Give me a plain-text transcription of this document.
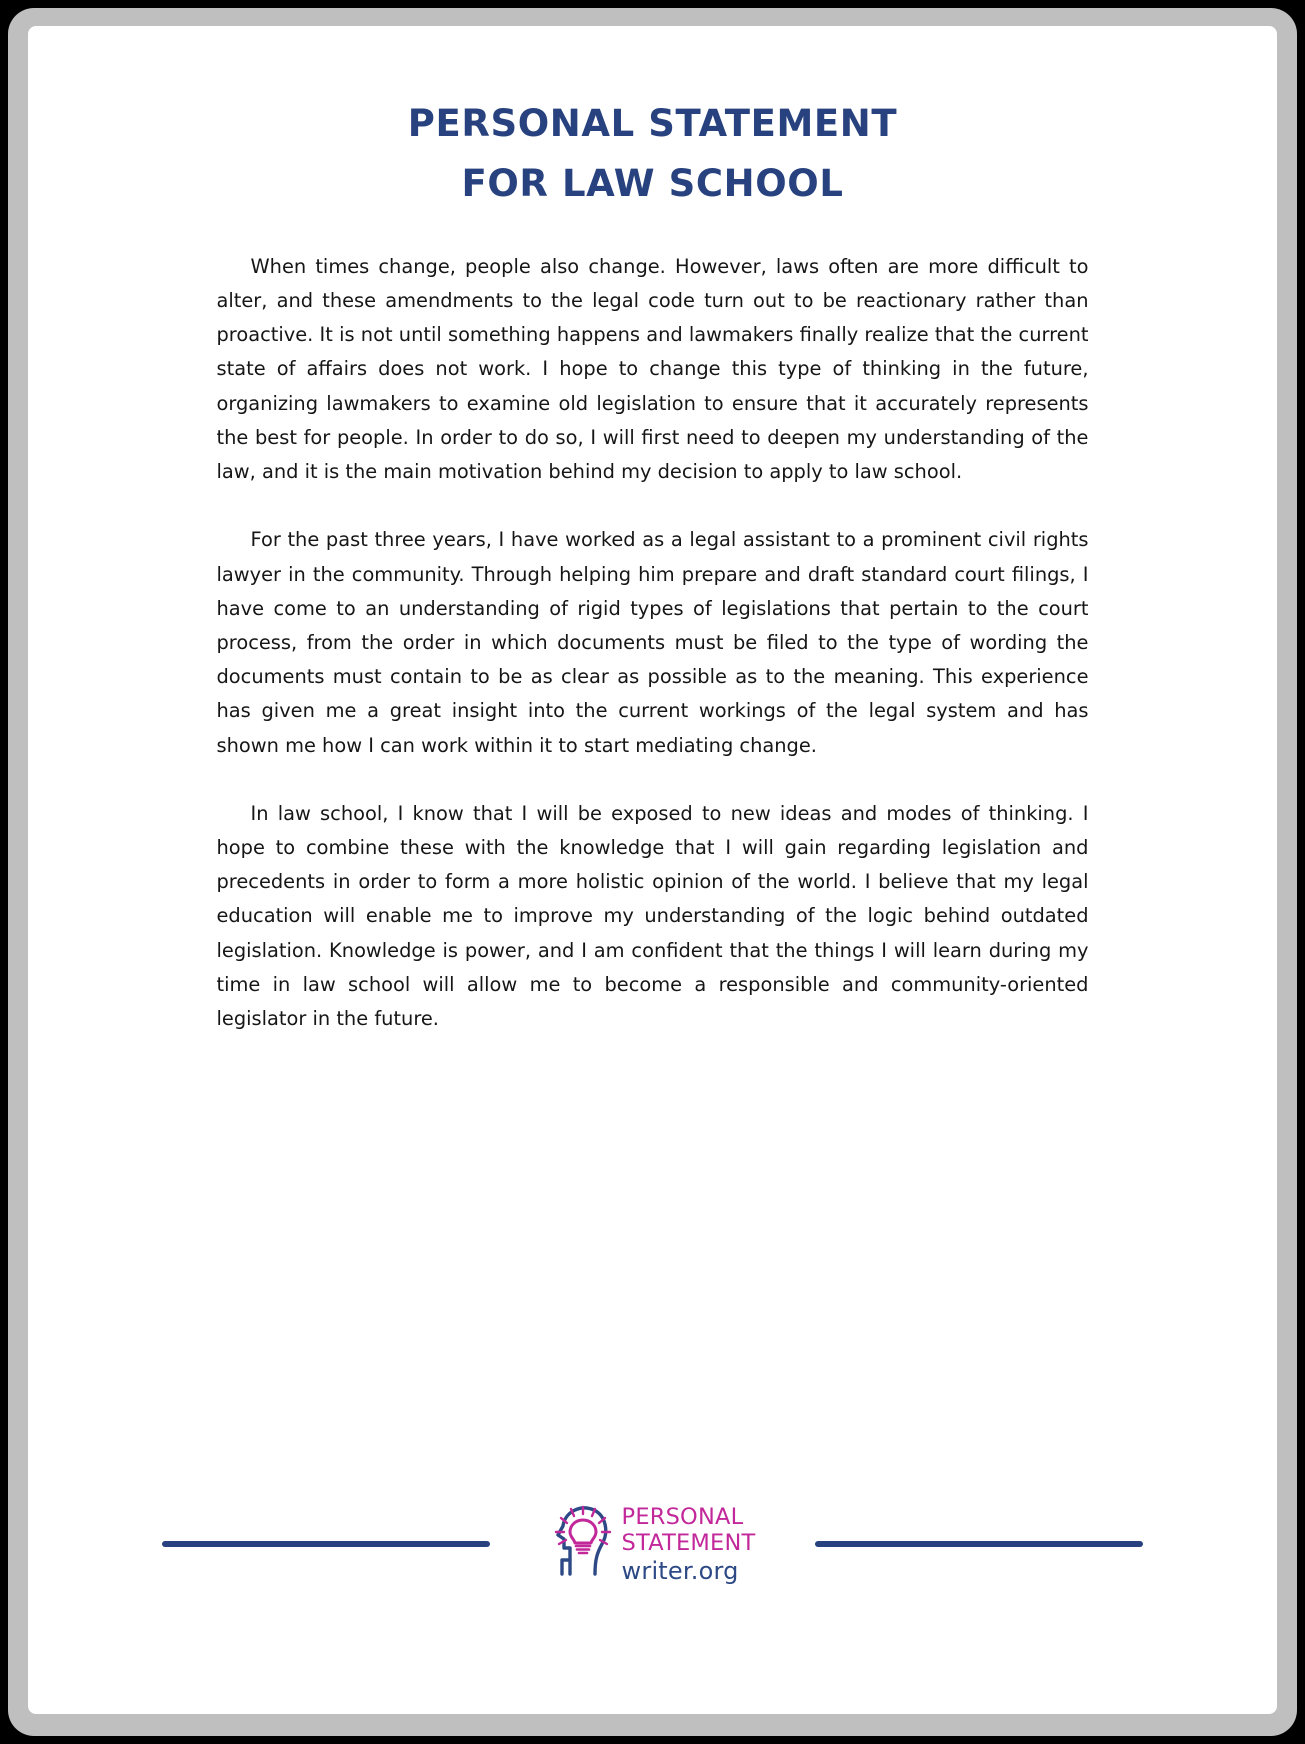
PERSONAL STATEMENT
FOR LAW SCHOOL

When times change, people also change. However, laws often are more difficult to alter, and these amendments to the legal code turn out to be reactionary rather than proactive. It is not until something happens and lawmakers finally realize that the current state of affairs does not work. I hope to change this type of thinking in the future, organizing lawmakers to examine old legislation to ensure that it accurately represents the best for people. In order to do so, I will first need to deepen my understanding of the law, and it is the main motivation behind my decision to apply to law school.

For the past three years, I have worked as a legal assistant to a prominent civil rights lawyer in the community. Through helping him prepare and draft standard court filings, I have come to an understanding of rigid types of legislations that pertain to the court process, from the order in which documents must be filed to the type of wording the documents must contain to be as clear as possible as to the meaning. This experience has given me a great insight into the current workings of the legal system and has shown me how I can work within it to start mediating change.

In law school, I know that I will be exposed to new ideas and modes of thinking. I hope to combine these with the knowledge that I will gain regarding legislation and precedents in order to form a more holistic opinion of the world. I believe that my legal education will enable me to improve my understanding of the logic behind outdated legislation. Knowledge is power, and I am confident that the things I will learn during my time in law school will allow me to become a responsible and community-oriented legislator in the future.

PERSONAL
STATEMENT
writer.org
